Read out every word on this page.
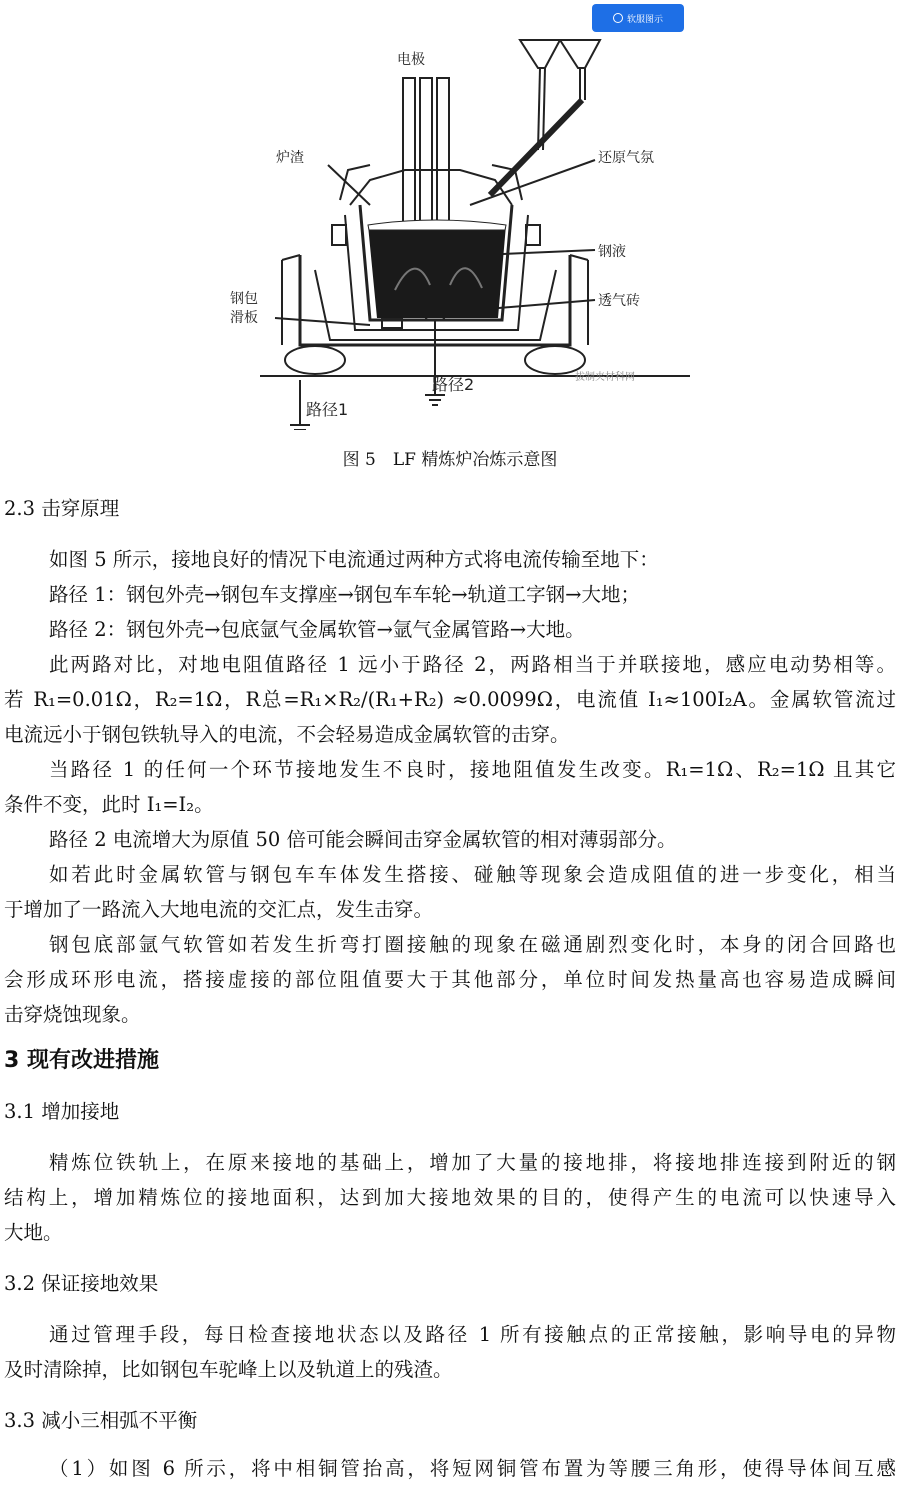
软服图示
电极
炉渣	还原气氛
钢液
透气砖
钢包
滑板
路径2
路径1
拔制夹材科网
图 5　LF 精炼炉冶炼示意图
2.3 击穿原理
如图 5 所示，接地良好的情况下电流通过两种方式将电流传输至地下：
路径 1：钢包外壳→钢包车支撑座→钢包车车轮→轨道工字钢→大地；
路径 2：钢包外壳→包底氩气金属软管→氩气金属管路→大地。
此两路对比，对地电阻值路径 1 远小于路径 2，两路相当于并联接地，感应电动势相等。
若 R₁=0.01Ω，R₂=1Ω，R总=R₁×R₂/(R₁+R₂) ≈0.0099Ω，电流值 I₁≈100I₂A。金属软管流过
电流远小于钢包铁轨导入的电流，不会轻易造成金属软管的击穿。
当路径 1 的任何一个环节接地发生不良时，接地阻值发生改变。R₁=1Ω、R₂=1Ω 且其它
条件不变，此时 I₁=I₂。
路径 2 电流增大为原值 50 倍可能会瞬间击穿金属软管的相对薄弱部分。
如若此时金属软管与钢包车车体发生搭接、碰触等现象会造成阻值的进一步变化，相当
于增加了一路流入大地电流的交汇点，发生击穿。
钢包底部氩气软管如若发生折弯打圈接触的现象在磁通剧烈变化时，本身的闭合回路也
会形成环形电流，搭接虚接的部位阻值要大于其他部分，单位时间发热量高也容易造成瞬间
击穿烧蚀现象。
3 现有改进措施
3.1 增加接地
精炼位铁轨上，在原来接地的基础上，增加了大量的接地排，将接地排连接到附近的钢
结构上，增加精炼位的接地面积，达到加大接地效果的目的，使得产生的电流可以快速导入
大地。
3.2 保证接地效果
通过管理手段，每日检查接地状态以及路径 1 所有接触点的正常接触，影响导电的异物
及时清除掉，比如钢包车驼峰上以及轨道上的残渣。
3.3 减小三相弧不平衡
（1）如图 6 所示，将中相铜管抬高，将短网铜管布置为等腰三角形，使得导体间互感
